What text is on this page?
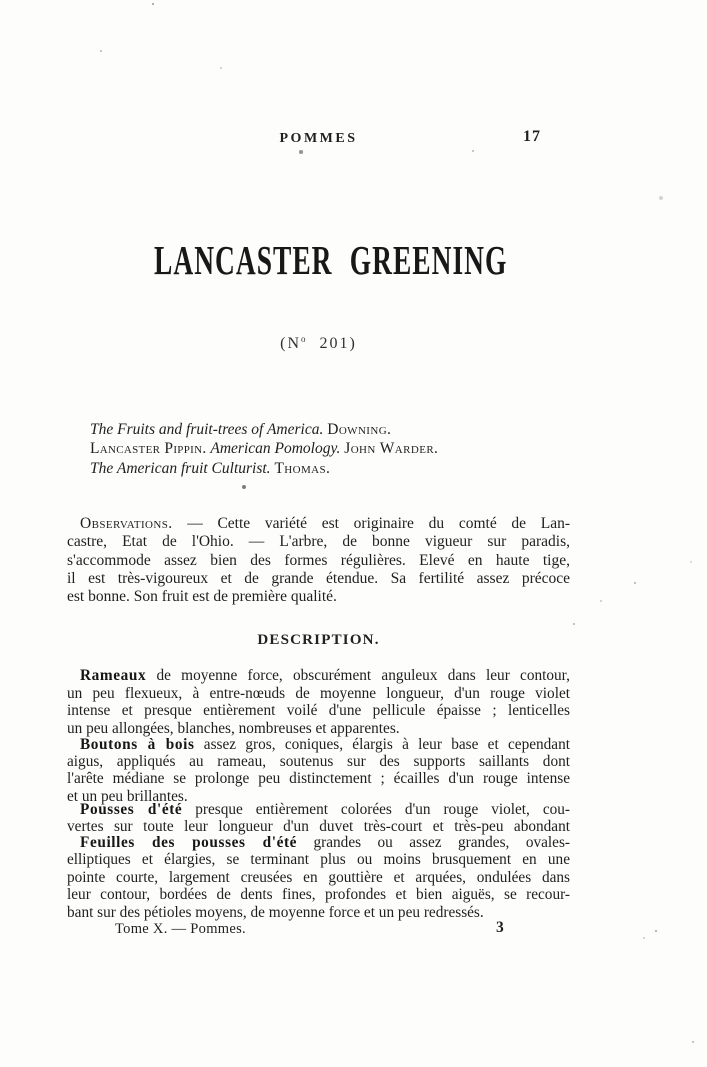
POMMES	17
LANCASTER GREENING
($N^o$ 201)
The Fruits and fruit-trees of America. Downing.
Lancaster Pippin. American Pomology. John Warder.
The American fruit Culturist. Thomas.
Observations. — Cette variété est originaire du comté de Lan-
castre, Etat de l'Ohio. — L'arbre, de bonne vigueur sur paradis,
s'accommode assez bien des formes régulières. Elevé en haute tige,
il est très-vigoureux et de grande étendue. Sa fertilité assez précoce
est bonne. Son fruit est de première qualité.
DESCRIPTION.
Rameaux de moyenne force, obscurément anguleux dans leur contour,
un peu flexueux, à entre-nœuds de moyenne longueur, d'un rouge violet
intense et presque entièrement voilé d'une pellicule épaisse ; lenticelles
un peu allongées, blanches, nombreuses et apparentes.
Boutons à bois assez gros, coniques, élargis à leur base et cependant
aigus, appliqués au rameau, soutenus sur des supports saillants dont
l'arête médiane se prolonge peu distinctement ; écailles d'un rouge intense
et un peu brillantes.
Pousses d'été presque entièrement colorées d'un rouge violet, cou-
vertes sur toute leur longueur d'un duvet très-court et très-peu abondant
Feuilles des pousses d'été grandes ou assez grandes, ovales-
elliptiques et élargies, se terminant plus ou moins brusquement en une
pointe courte, largement creusées en gouttière et arquées, ondulées dans
leur contour, bordées de dents fines, profondes et bien aiguës, se recour-
bant sur des pétioles moyens, de moyenne force et un peu redressés.
Tome X. — Pommes.	3
